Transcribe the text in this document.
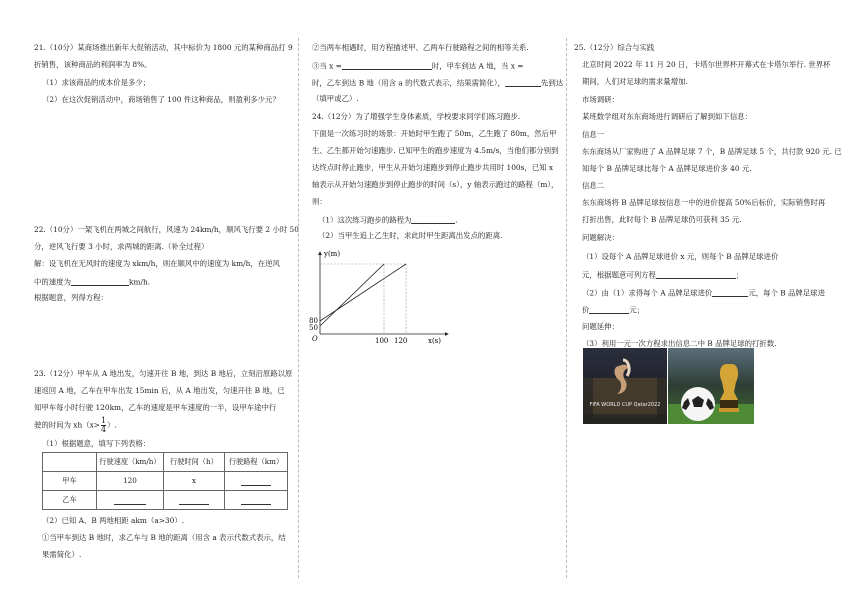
21.（10分）某商场推出新年大促销活动，其中标价为 1800 元的某种商品打 9
折销售，该种商品的利润率为 8%。
（1）求该商品的成本价是多少；
（2）在这次促销活动中，商场销售了 100 件这种商品，则盈利多少元？
22.（10分）一架飞机在两城之间航行，风速为 24km/h，顺风飞行要 2 小时 50
分，逆风飞行要 3 小时，求两城的距离.（补全过程）
解：设飞机在无风时的速度为 xkm/h，则在顺风中的速度为 km/h，在逆风
中的速度为	km/h.
根据题意，列得方程：
23.（12分）甲车从 A 地出发，匀速开往 B 地，到达 B 地后，立刻沿原路以原
速返回 A 地，乙车在甲车出发 15min 后，从 A 地出发，匀速开往 B 地，已
知甲车每小时行驶 120km，乙车的速度是甲车速度的一半，设甲车途中行
驶的时间为 $xh(x> \frac{1}{4}$ ）.
（1）根据题意，填写下列表格：
	行驶速度（km/h）	行驶时间（h）	行驶路程（km）
甲车	120	x	
乙车			
（2）已知 A、B 两地相距 akm（a>30）.
①当甲车到达 B 地时，求乙车与 B 地的距离（用含 a 表示代数式表示，结
果需简化）.
②当两车相遇时，用方程描述甲、乙两车行驶路程之间的相等关系.
③当 x =	时，甲车到达 A 地，当 x =
时，乙车到达 B 地（用含 a 的代数式表示，结果需简化），	先到达
（填甲或乙）.
24.（12分）为了增强学生身体素质，学校要求同学们练习跑步.
下面是一次练习时的场景：开始时甲生跑了 50m，乙生跑了 80m，然后甲
生、乙生都开始匀速跑步. 已知甲生的跑步速度为 4.5m/s，当他们都分别到
达终点时停止跑步，甲生从开始匀速跑步到停止跑步共用时 100s，已知 x
轴表示从开始匀速跑步到停止跑步的时间（s），y 轴表示跑过的路程（m），
则：
（1）这次练习跑步的路程为	.
（2）当甲生追上乙生时，求此时甲生距离出发点的距离.
y(m)
x(s)
80
50
O	100 120
25.（12分）综合与实践
北京时间 2022 年 11 月 20 日，卡塔尔世界杯开幕式在卡塔尔举行. 世界杯
期间，人们对足球的需求量增加.
市场调研：
某班数学组对东东商场进行调研后了解到如下信息：
信息一
东东商场从厂家购进了 A 品牌足球 7 个，B 品牌足球 5 个，共付款 920 元. 已
知每个 B 品牌足球比每个 A 品牌足球进价多 40 元.
信息二
东东商场将 B 品牌足球按信息一中的进价提高 50%后标价，实际销售时再
打折出售，此时每个 B 品牌足球仍可获利 35 元.
问题解决：
（1）设每个 A 品牌足球进价 x 元，则每个 B 品牌足球进价
元，根据题意可列方程	；
（2）由（1）求得每个 A 品牌足球进价	元，每个 B 品牌足球进
价	元；
问题延伸：
（3）利用一元一次方程求出信息二中 B 品牌足球的打折数.
FIFA WORLD CUP Qatar2022
